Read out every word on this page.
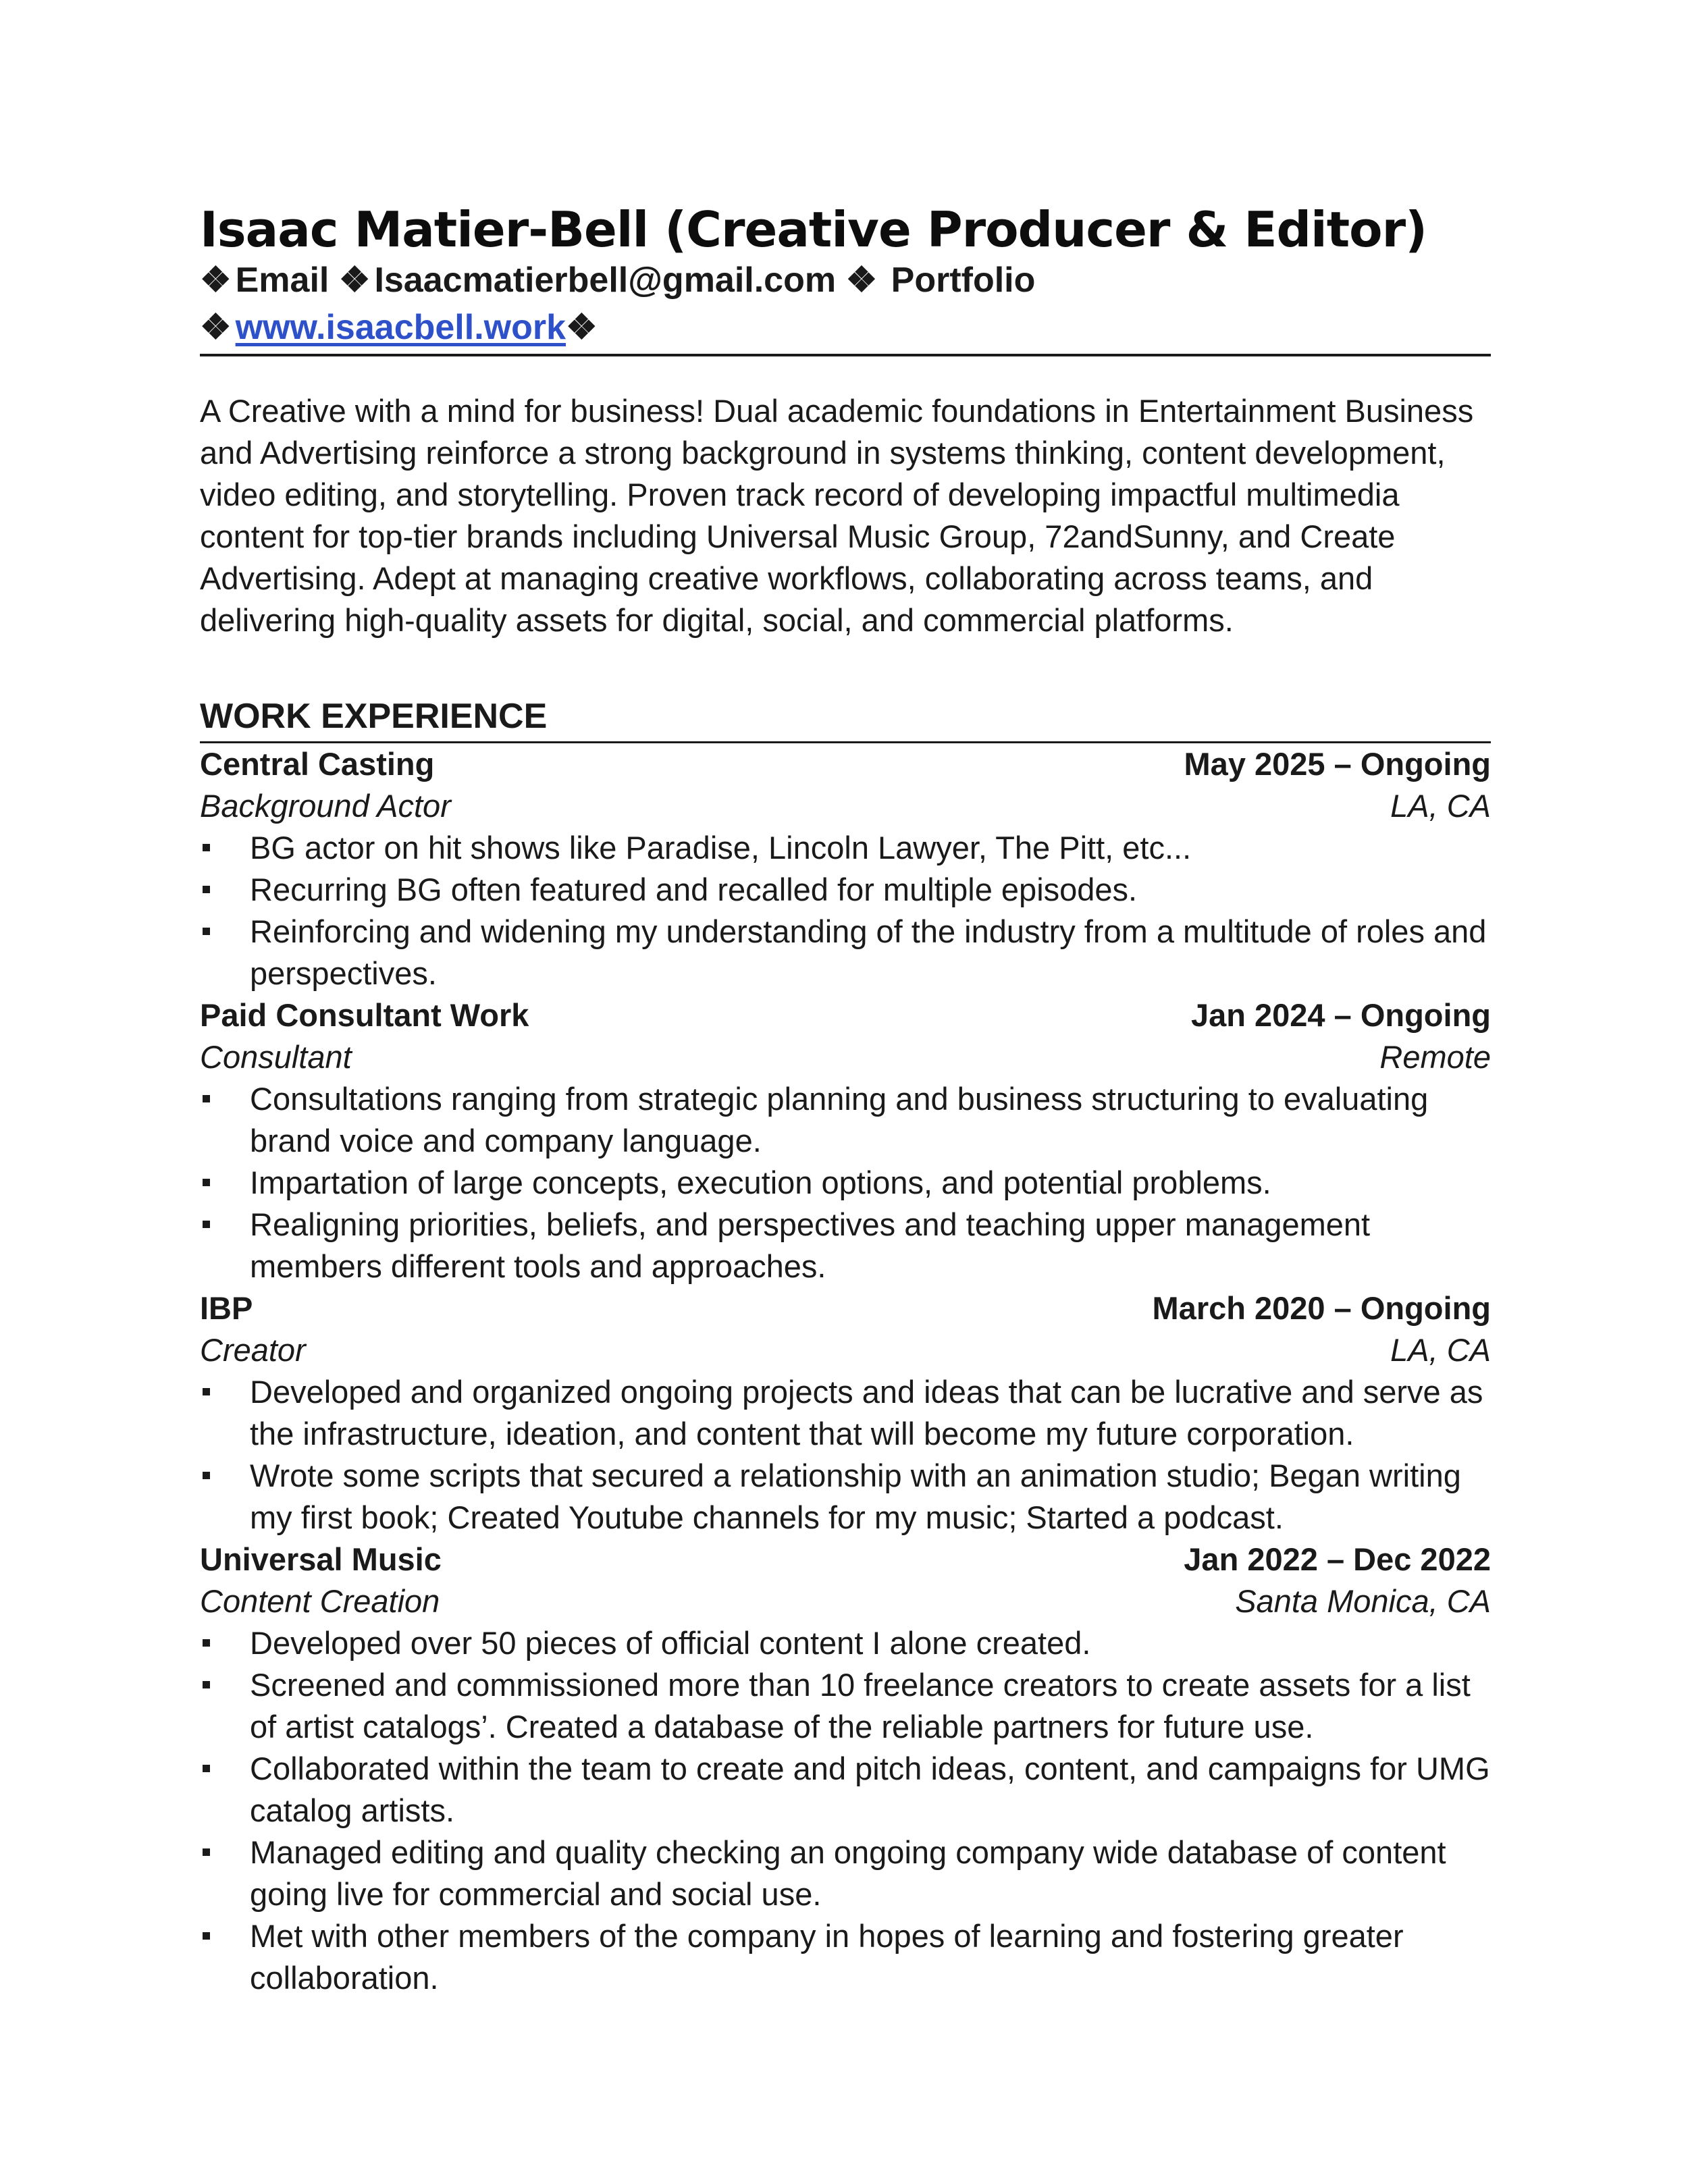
Isaac Matier-Bell (Creative Producer & Editor)
❖ Email ❖ Isaacmatierbell@gmail.com ❖ Portfolio
❖ www.isaacbell.work❖

A Creative with a mind for business! Dual academic foundations in Entertainment Business and Advertising reinforce a strong background in systems thinking, content development, video editing, and storytelling. Proven track record of developing impactful multimedia content for top-tier brands including Universal Music Group, 72andSunny, and Create Advertising. Adept at managing creative workflows, collaborating across teams, and delivering high-quality assets for digital, social, and commercial platforms.

WORK EXPERIENCE
Central Casting	May 2025 – Ongoing
Background Actor	LA, CA
BG actor on hit shows like Paradise, Lincoln Lawyer, The Pitt, etc...
Recurring BG often featured and recalled for multiple episodes.
Reinforcing and widening my understanding of the industry from a multitude of roles and perspectives.
Paid Consultant Work	Jan 2024 – Ongoing
Consultant	Remote
Consultations ranging from strategic planning and business structuring to evaluating brand voice and company language.
Impartation of large concepts, execution options, and potential problems.
Realigning priorities, beliefs, and perspectives and teaching upper management members different tools and approaches.
IBP	March 2020 – Ongoing
Creator	LA, CA
Developed and organized ongoing projects and ideas that can be lucrative and serve as the infrastructure, ideation, and content that will become my future corporation.
Wrote some scripts that secured a relationship with an animation studio; Began writing my first book; Created Youtube channels for my music; Started a podcast.
Universal Music	Jan 2022 – Dec 2022
Content Creation	Santa Monica, CA
Developed over 50 pieces of official content I alone created.
Screened and commissioned more than 10 freelance creators to create assets for a list of artist catalogs’. Created a database of the reliable partners for future use.
Collaborated within the team to create and pitch ideas, content, and campaigns for UMG catalog artists.
Managed editing and quality checking an ongoing company wide database of content going live for commercial and social use.
Met with other members of the company in hopes of learning and fostering greater collaboration.
